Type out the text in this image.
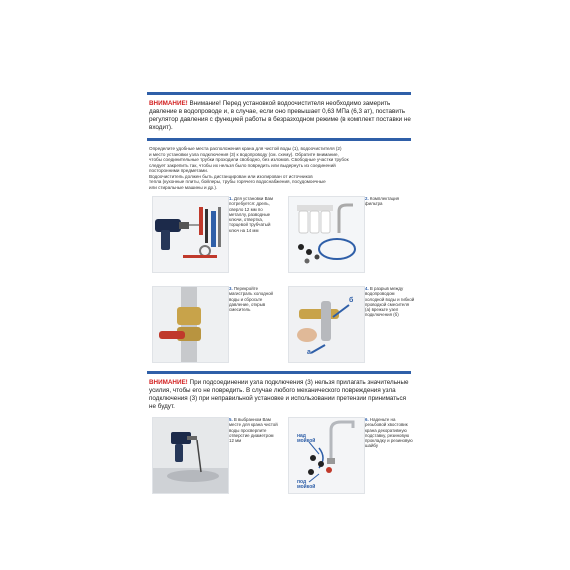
ВНИМАНИЕ! Внимание! Перед установкой водоочистителя необходимо замерить давление в водопроводе и, в случае, если оно превышает 0,63 МПа (6,3 ат), поставить регулятор давления с функцией работы в безразходном режиме (в комплект поставки не входит).
Определите удобные места расположения крана для чистой воды (1), водоочистителя (2)
и место установки узла подключения (3) к водопроводу (см. схему). Обратите внимание,
чтобы соединительные трубки проходили свободно, без изломов. Свободные участки трубок
следует закрепить так, чтобы их нельзя было повредить или выдернуть из соединений
посторонними предметами.
Водоочиститель должен быть дистанцирован или изолирован от источников
тепла (кухонные плиты, бойлеры, трубы горячего водоснабжения, посудомоечные
или стиральные машины и др.).
1. Для установки Вам потребуется: дрель, сверло 12 мм по металлу, разводные ключи, отвертка, торцевой трубчатый ключ на 14 мм
2. Комплектация фильтра
3. Перекройте магистраль холодной воды и сбросьте давление, открыв смеситель
б
а
4. В разрыв между водопроводом холодной воды и гибкой проводкой смесителя (а) врежьте узел подключения (б)
ВНИМАНИЕ! При подсоединении узла подключения (3) нельзя прилагать значительные усилия, чтобы его не повредить. В случае любого механического повреждения узла подключения (3) при неправильной установке и использовании претензии приниматься не будут.
5. В выбранном Вам месте для крана чистой воды просверлите отверстие диаметром 12 мм
над мойкой
под мойкой
6. Наденьте на резьбовой хвостовик крана декоративную подставку, резиновую прокладку и резиновую шайбу
